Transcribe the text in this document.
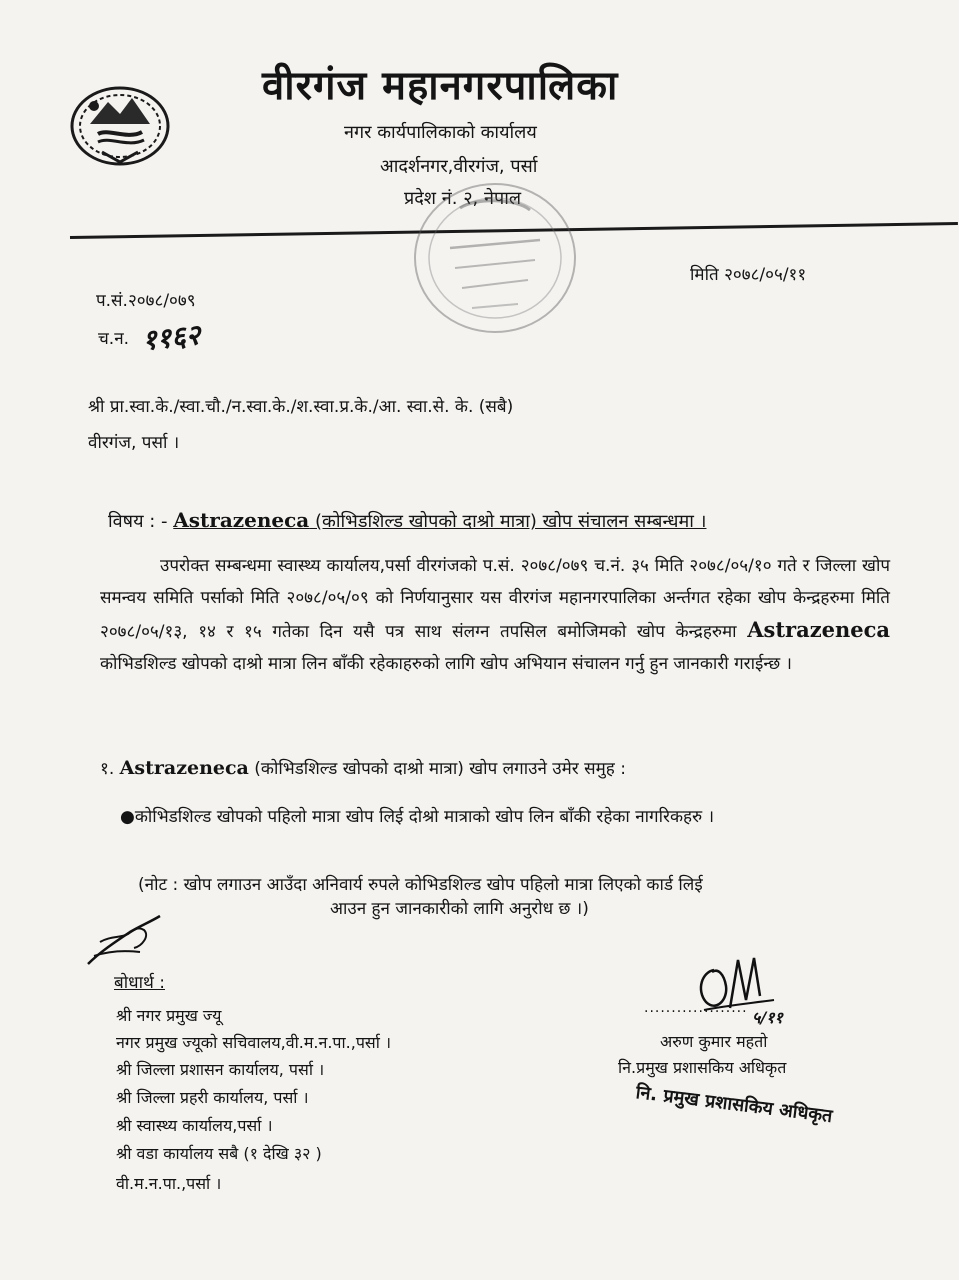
वीरगंज महानगरपालिका
नगर कार्यपालिकाको कार्यालय
आदर्शनगर,वीरगंज, पर्सा
प्रदेश नं. २, नेपाल
प.सं.२०७८/०७९
च.न. ११६२
मिति २०७८/०५/११
श्री प्रा.स्वा.के./स्वा.चौ./न.स्वा.के./श.स्वा.प्र.के./आ. स्वा.से. के. (सबै)
वीरगंज, पर्सा ।
विषय : - Astrazeneca (कोभिडशिल्ड खोपको दाश्रो मात्रा) खोप संचालन सम्बन्धमा ।
उपरोक्त सम्बन्धमा स्वास्थ्य कार्यालय,पर्सा वीरगंजको प.सं. २०७८/०७९ च.नं. ३५ मिति २०७८/०५/१० गते र जिल्ला खोप समन्वय समिति पर्साको मिति २०७८/०५/०९ को निर्णयानुसार यस वीरगंज महानगरपालिका अर्न्तगत रहेका खोप केन्द्रहरुमा मिति २०७८/०५/१३, १४ र १५ गतेका दिन यसै पत्र साथ संलग्न तपसिल बमोजिमको खोप केन्द्रहरुमा Astrazeneca कोभिडशिल्ड खोपको दाश्रो मात्रा लिन बाँकी रहेकाहरुको लागि खोप अभियान संचालन गर्नु हुन जानकारी गराईन्छ ।
१. Astrazeneca (कोभिडशिल्ड खोपको दाश्रो मात्रा) खोप लगाउने उमेर समुह :
●कोभिडशिल्ड खोपको पहिलो मात्रा खोप लिई दोश्रो मात्राको खोप लिन बाँकी रहेका नागरिकहरु ।
(नोट : खोप लगाउन आउँदा अनिवार्य रुपले कोभिडशिल्ड खोप पहिलो मात्रा लिएको कार्ड लिई
आउन हुन जानकारीको लागि अनुरोध छ ।)
बोधार्थ :
श्री नगर प्रमुख ज्यू
नगर प्रमुख ज्यूको सचिवालय,वी.म.न.पा.,पर्सा ।
श्री जिल्ला प्रशासन कार्यालय, पर्सा ।
श्री जिल्ला प्रहरी कार्यालय, पर्सा ।
श्री स्वास्थ्य कार्यालय,पर्सा ।
श्री वडा कार्यालय सबै (१ देखि ३२ )
वी.म.न.पा.,पर्सा ।
५/११
...................
अरुण कुमार महतो
नि.प्रमुख प्रशासकिय अधिकृत
नि. प्रमुख प्रशासकिय अधिकृत
